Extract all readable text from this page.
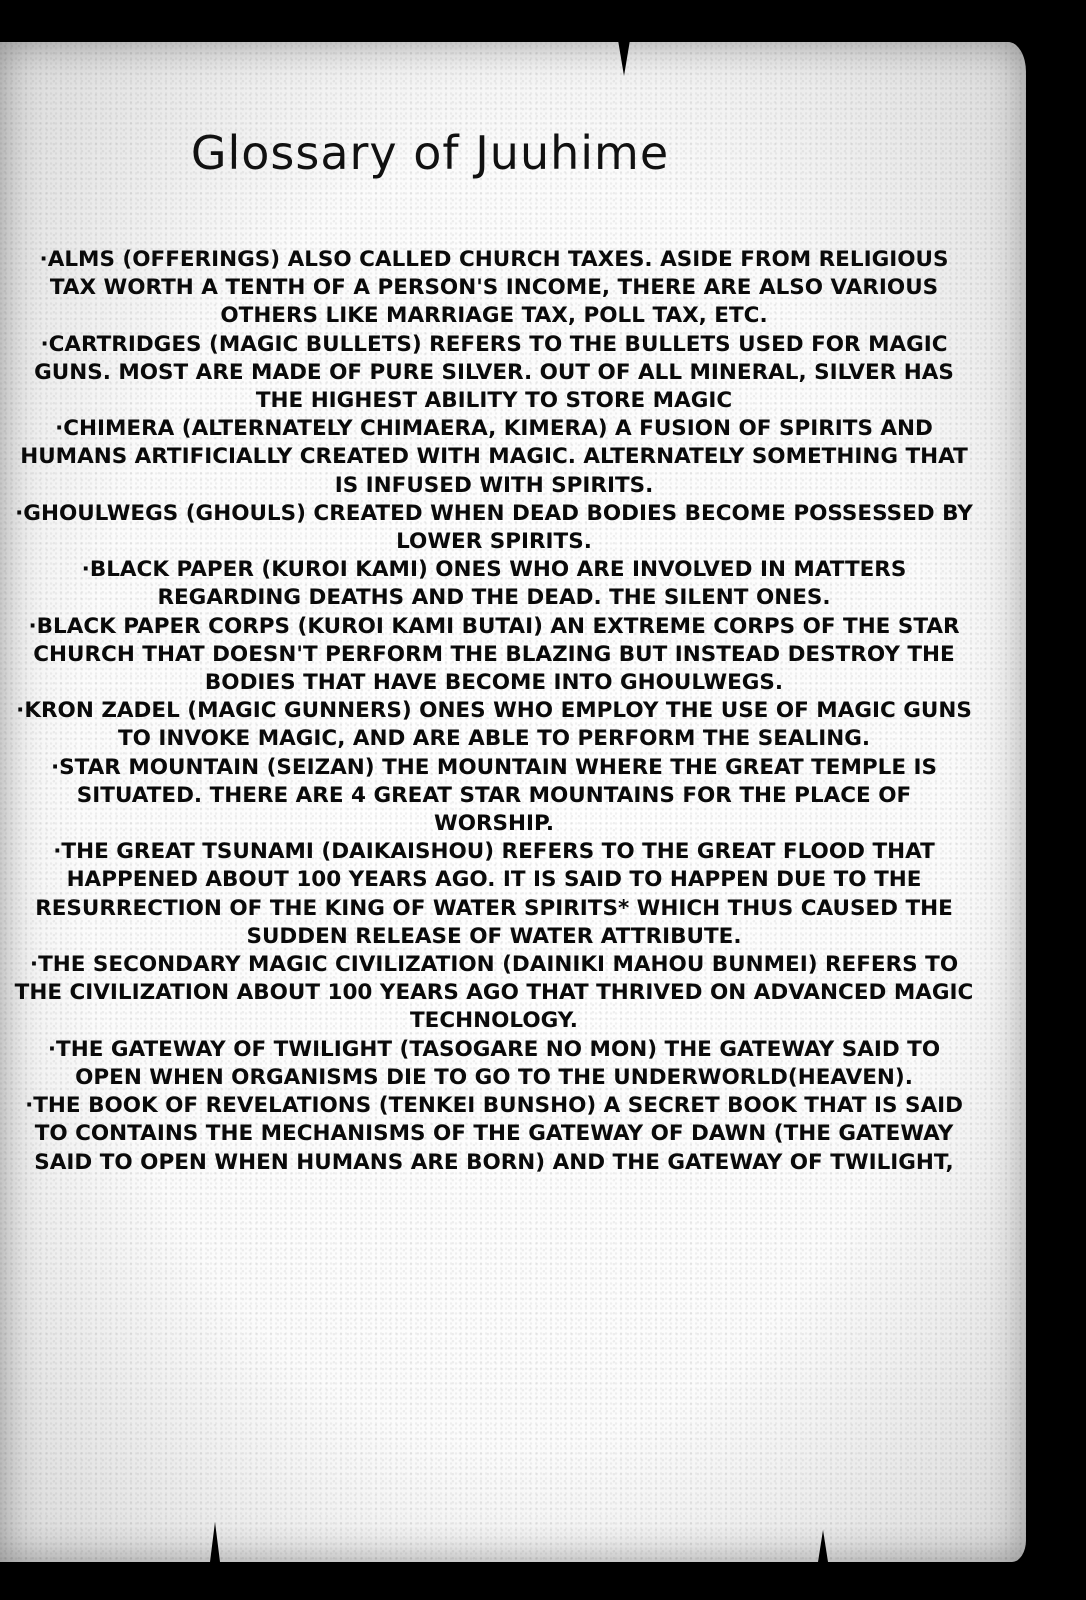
Glossary of Juuhime
· ALMS (OFFERINGS) ALSO CALLED CHURCH TAXES. ASIDE FROM RELIGIOUS TAX WORTH A TENTH OF A PERSON'S INCOME, THERE ARE ALSO VARIOUS OTHERS LIKE MARRIAGE TAX, POLL TAX, ETC.
· CARTRIDGES (MAGIC BULLETS) REFERS TO THE BULLETS USED FOR MAGIC GUNS. MOST ARE MADE OF PURE SILVER. OUT OF ALL MINERAL, SILVER HAS THE HIGHEST ABILITY TO STORE MAGIC
· CHIMERA (ALTERNATELY CHIMAERA, KIMERA) A FUSION OF SPIRITS AND HUMANS ARTIFICIALLY CREATED WITH MAGIC. ALTERNATELY SOMETHING THAT IS INFUSED WITH SPIRITS.
· GHOULWEGS (GHOULS) CREATED WHEN DEAD BODIES BECOME POSSESSED BY LOWER SPIRITS.
· BLACK PAPER (KUROI KAMI) ONES WHO ARE INVOLVED IN MATTERS REGARDING DEATHS AND THE DEAD. THE SILENT ONES.
· BLACK PAPER CORPS (KUROI KAMI BUTAI) AN EXTREME CORPS OF THE STAR CHURCH THAT DOESN'T PERFORM THE BLAZING BUT INSTEAD DESTROY THE BODIES THAT HAVE BECOME INTO GHOULWEGS.
· KRON ZADEL (MAGIC GUNNERS) ONES WHO EMPLOY THE USE OF MAGIC GUNS TO INVOKE MAGIC, AND ARE ABLE TO PERFORM THE SEALING.
· STAR MOUNTAIN (SEIZAN) THE MOUNTAIN WHERE THE GREAT TEMPLE IS SITUATED. THERE ARE 4 GREAT STAR MOUNTAINS FOR THE PLACE OF WORSHIP.
· THE GREAT TSUNAMI (DAIKAISHOU) REFERS TO THE GREAT FLOOD THAT HAPPENED ABOUT 100 YEARS AGO. IT IS SAID TO HAPPEN DUE TO THE RESURRECTION OF THE KING OF WATER SPIRITS* WHICH THUS CAUSED THE SUDDEN RELEASE OF WATER ATTRIBUTE.
· THE SECONDARY MAGIC CIVILIZATION (DAINIKI MAHOU BUNMEI) REFERS TO THE CIVILIZATION ABOUT 100 YEARS AGO THAT THRIVED ON ADVANCED MAGIC TECHNOLOGY.
· THE GATEWAY OF TWILIGHT (TASOGARE NO MON) THE GATEWAY SAID TO OPEN WHEN ORGANISMS DIE TO GO TO THE UNDERWORLD(HEAVEN).
· THE BOOK OF REVELATIONS (TENKEI BUNSHO) A SECRET BOOK THAT IS SAID TO CONTAINS THE MECHANISMS OF THE GATEWAY OF DAWN (THE GATEWAY SAID TO OPEN WHEN HUMANS ARE BORN) AND THE GATEWAY OF TWILIGHT,
